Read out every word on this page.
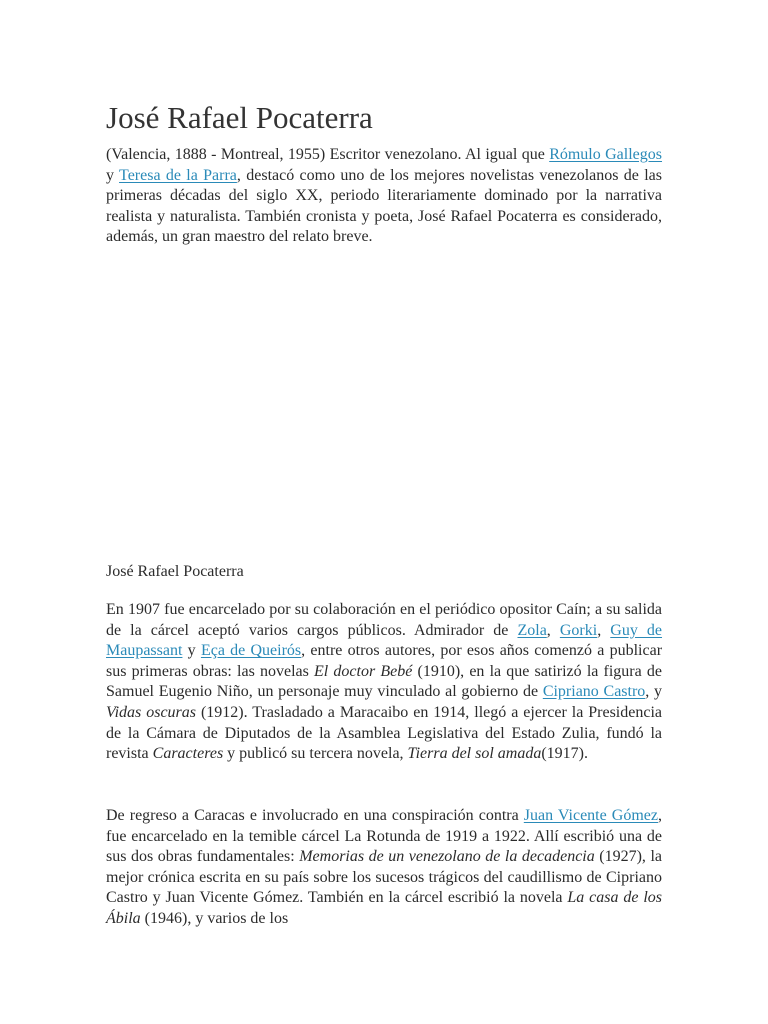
José Rafael Pocaterra

(Valencia, 1888 - Montreal, 1955) Escritor venezolano. Al igual que Rómulo Gallegos y Teresa de la Parra, destacó como uno de los mejores novelistas venezolanos de las primeras décadas del siglo XX, periodo literariamente dominado por la narrativa realista y naturalista. También cronista y poeta, José Rafael Pocaterra es considerado, además, un gran maestro del relato breve.

José Rafael Pocaterra

En 1907 fue encarcelado por su colaboración en el periódico opositor Caín; a su salida de la cárcel aceptó varios cargos públicos. Admirador de Zola, Gorki, Guy de Maupassant y Eça de Queirós, entre otros autores, por esos años comenzó a publicar sus primeras obras: las novelas El doctor Bebé (1910), en la que satirizó la figura de Samuel Eugenio Niño, un personaje muy vinculado al gobierno de Cipriano Castro, y Vidas oscuras (1912). Trasladado a Maracaibo en 1914, llegó a ejercer la Presidencia de la Cámara de Diputados de la Asamblea Legislativa del Estado Zulia, fundó la revista Caracteres y publicó su tercera novela, Tierra del sol amada(1917).

De regreso a Caracas e involucrado en una conspiración contra Juan Vicente Gómez, fue encarcelado en la temible cárcel La Rotunda de 1919 a 1922. Allí escribió una de sus dos obras fundamentales: Memorias de un venezolano de la decadencia (1927), la mejor crónica escrita en su país sobre los sucesos trágicos del caudillismo de Cipriano Castro y Juan Vicente Gómez. También en la cárcel escribió la novela La casa de los Ábila (1946), y varios de los
